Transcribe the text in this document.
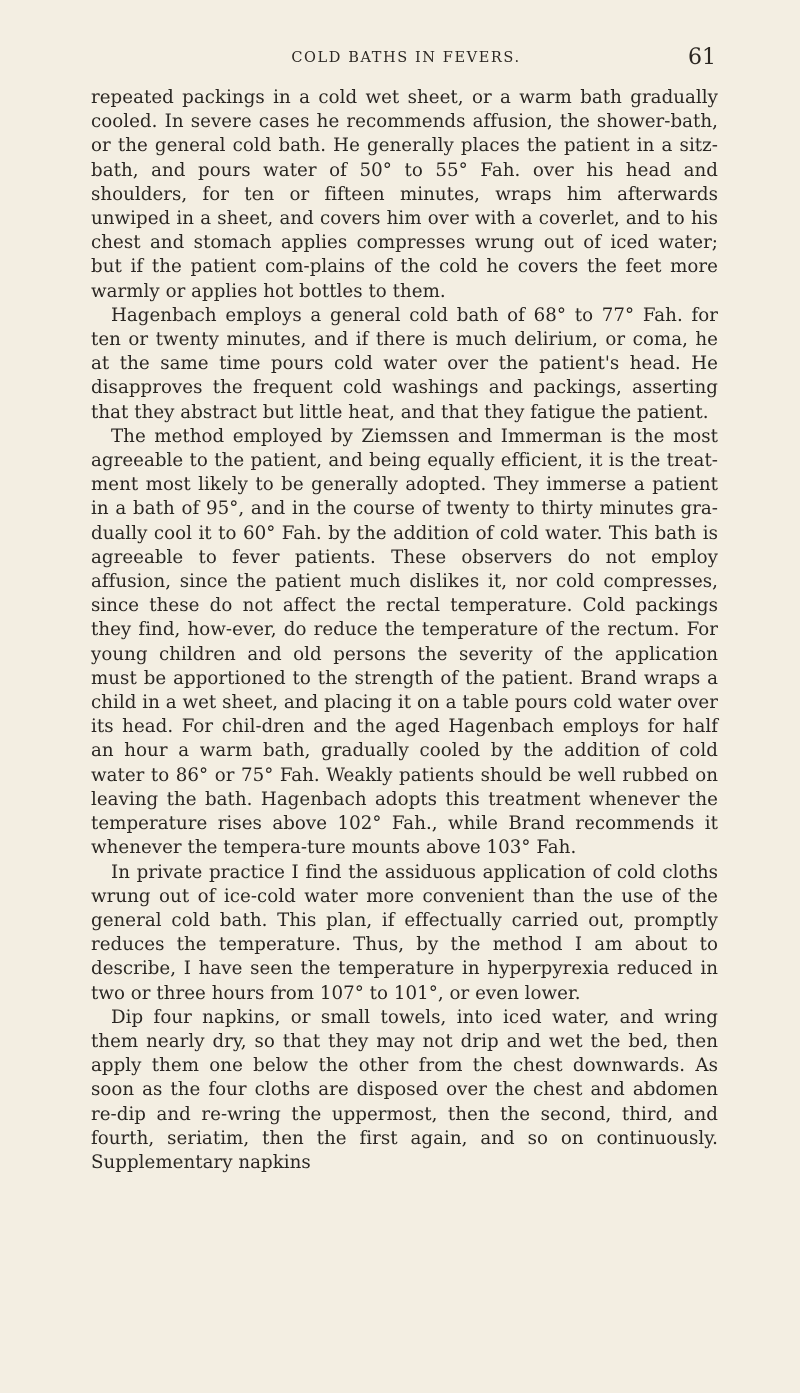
COLD BATHS IN FEVERS.	61

repeated packings in a cold wet sheet, or a warm bath gradually cooled. In severe cases he recommends affusion, the shower-bath, or the general cold bath. He generally places the patient in a sitz-bath, and pours water of 50° to 55° Fah. over his head and shoulders, for ten or fifteen minutes, wraps him afterwards unwiped in a sheet, and covers him over with a coverlet, and to his chest and stomach applies compresses wrung out of iced water; but if the patient com-plains of the cold he covers the feet more warmly or applies hot bottles to them.

Hagenbach employs a general cold bath of 68° to 77° Fah. for ten or twenty minutes, and if there is much delirium, or coma, he at the same time pours cold water over the patient's head. He disapproves the frequent cold washings and packings, asserting that they abstract but little heat, and that they fatigue the patient.

The method employed by Ziemssen and Immerman is the most agreeable to the patient, and being equally efficient, it is the treat-ment most likely to be generally adopted. They immerse a patient in a bath of 95°, and in the course of twenty to thirty minutes gra-dually cool it to 60° Fah. by the addition of cold water. This bath is agreeable to fever patients. These observers do not employ affusion, since the patient much dislikes it, nor cold compresses, since these do not affect the rectal temperature. Cold packings they find, how-ever, do reduce the temperature of the rectum. For young children and old persons the severity of the application must be apportioned to the strength of the patient. Brand wraps a child in a wet sheet, and placing it on a table pours cold water over its head. For chil-dren and the aged Hagenbach employs for half an hour a warm bath, gradually cooled by the addition of cold water to 86° or 75° Fah. Weakly patients should be well rubbed on leaving the bath. Hagenbach adopts this treatment whenever the temperature rises above 102° Fah., while Brand recommends it whenever the tempera-ture mounts above 103° Fah.

In private practice I find the assiduous application of cold cloths wrung out of ice-cold water more convenient than the use of the general cold bath. This plan, if effectually carried out, promptly reduces the temperature. Thus, by the method I am about to describe, I have seen the temperature in hyperpyrexia reduced in two or three hours from 107° to 101°, or even lower.

Dip four napkins, or small towels, into iced water, and wring them nearly dry, so that they may not drip and wet the bed, then apply them one below the other from the chest downwards. As soon as the four cloths are disposed over the chest and abdomen re-dip and re-wring the uppermost, then the second, third, and fourth, seriatim, then the first again, and so on continuously. Supplementary napkins
